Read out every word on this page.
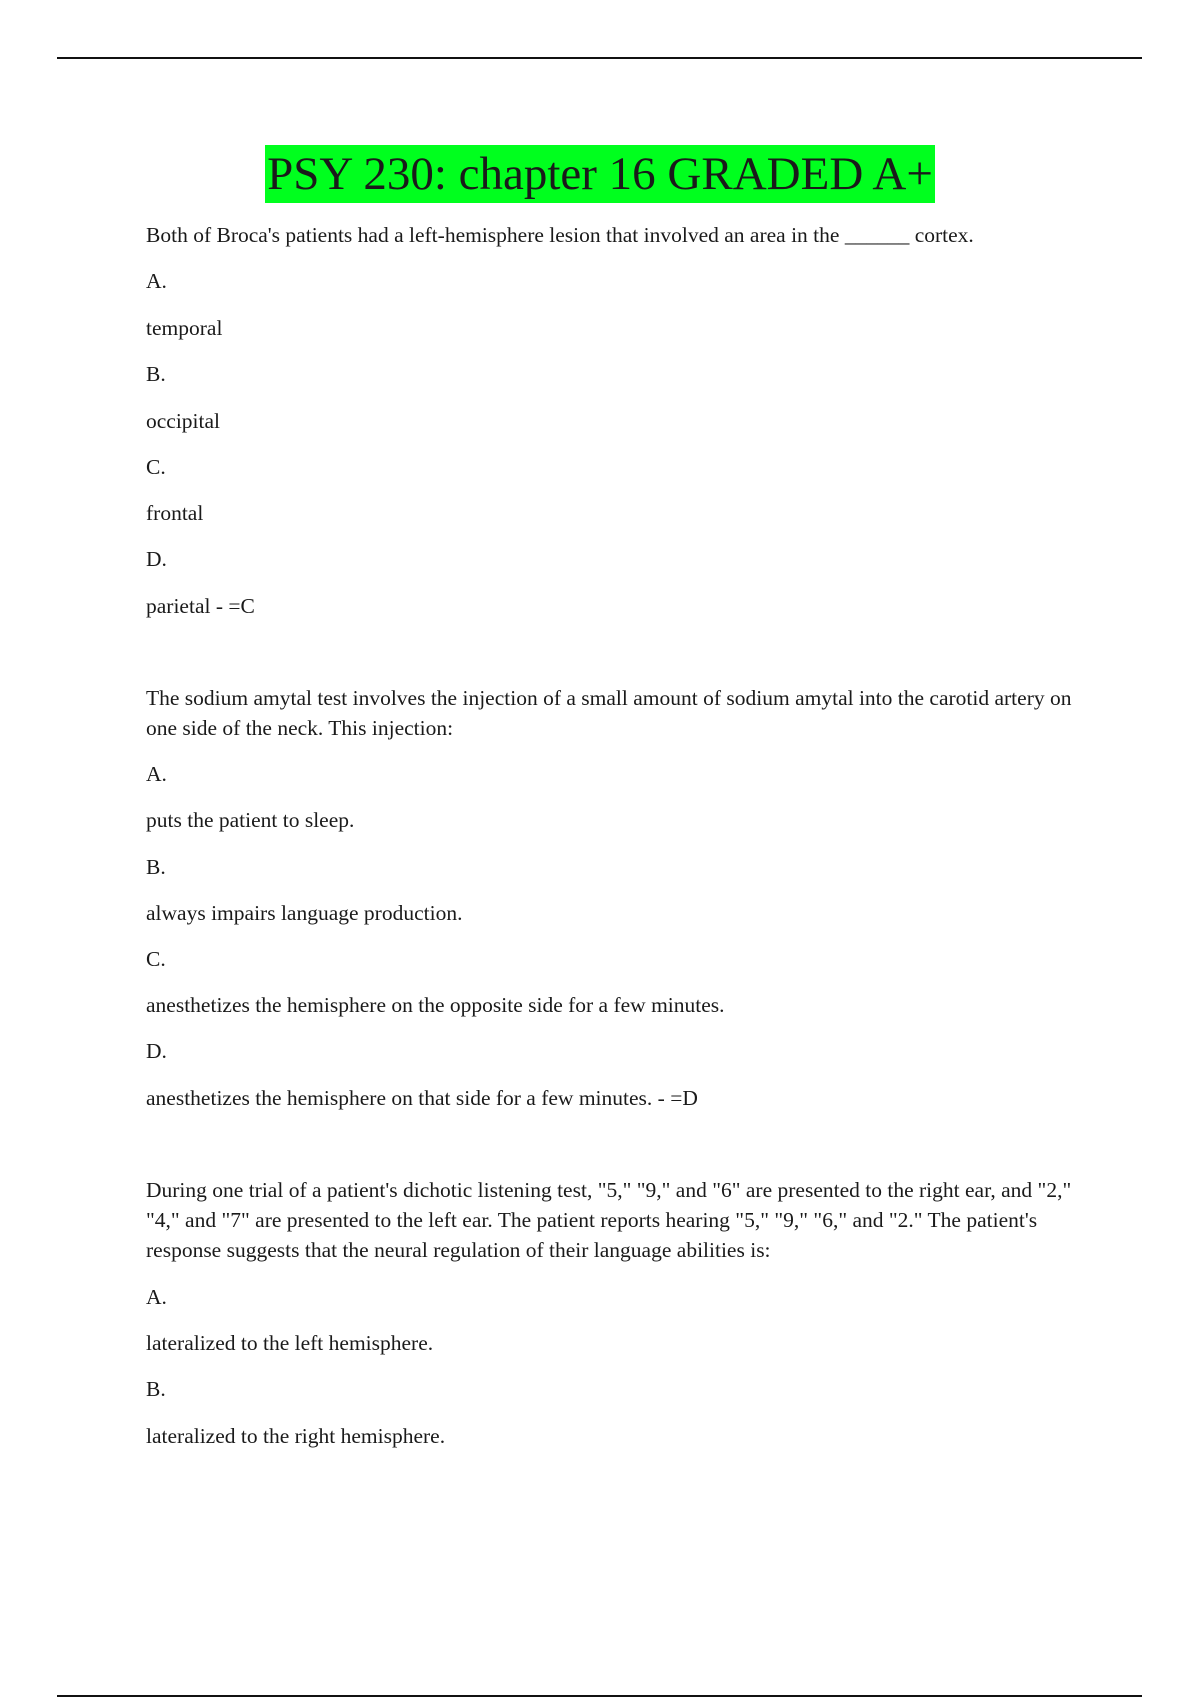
PSY 230: chapter 16 GRADED A+
Both of Broca's patients had a left-hemisphere lesion that involved an area in the ______ cortex.
A.
temporal
B.
occipital
C.
frontal
D.
parietal - =C
The sodium amytal test involves the injection of a small amount of sodium amytal into the carotid artery on one side of the neck. This injection:
A.
puts the patient to sleep.
B.
always impairs language production.
C.
anesthetizes the hemisphere on the opposite side for a few minutes.
D.
anesthetizes the hemisphere on that side for a few minutes. - =D
During one trial of a patient's dichotic listening test, "5," "9," and "6" are presented to the right ear, and "2," "4," and "7" are presented to the left ear. The patient reports hearing "5," "9," "6," and "2." The patient's response suggests that the neural regulation of their language abilities is:
A.
lateralized to the left hemisphere.
B.
lateralized to the right hemisphere.
